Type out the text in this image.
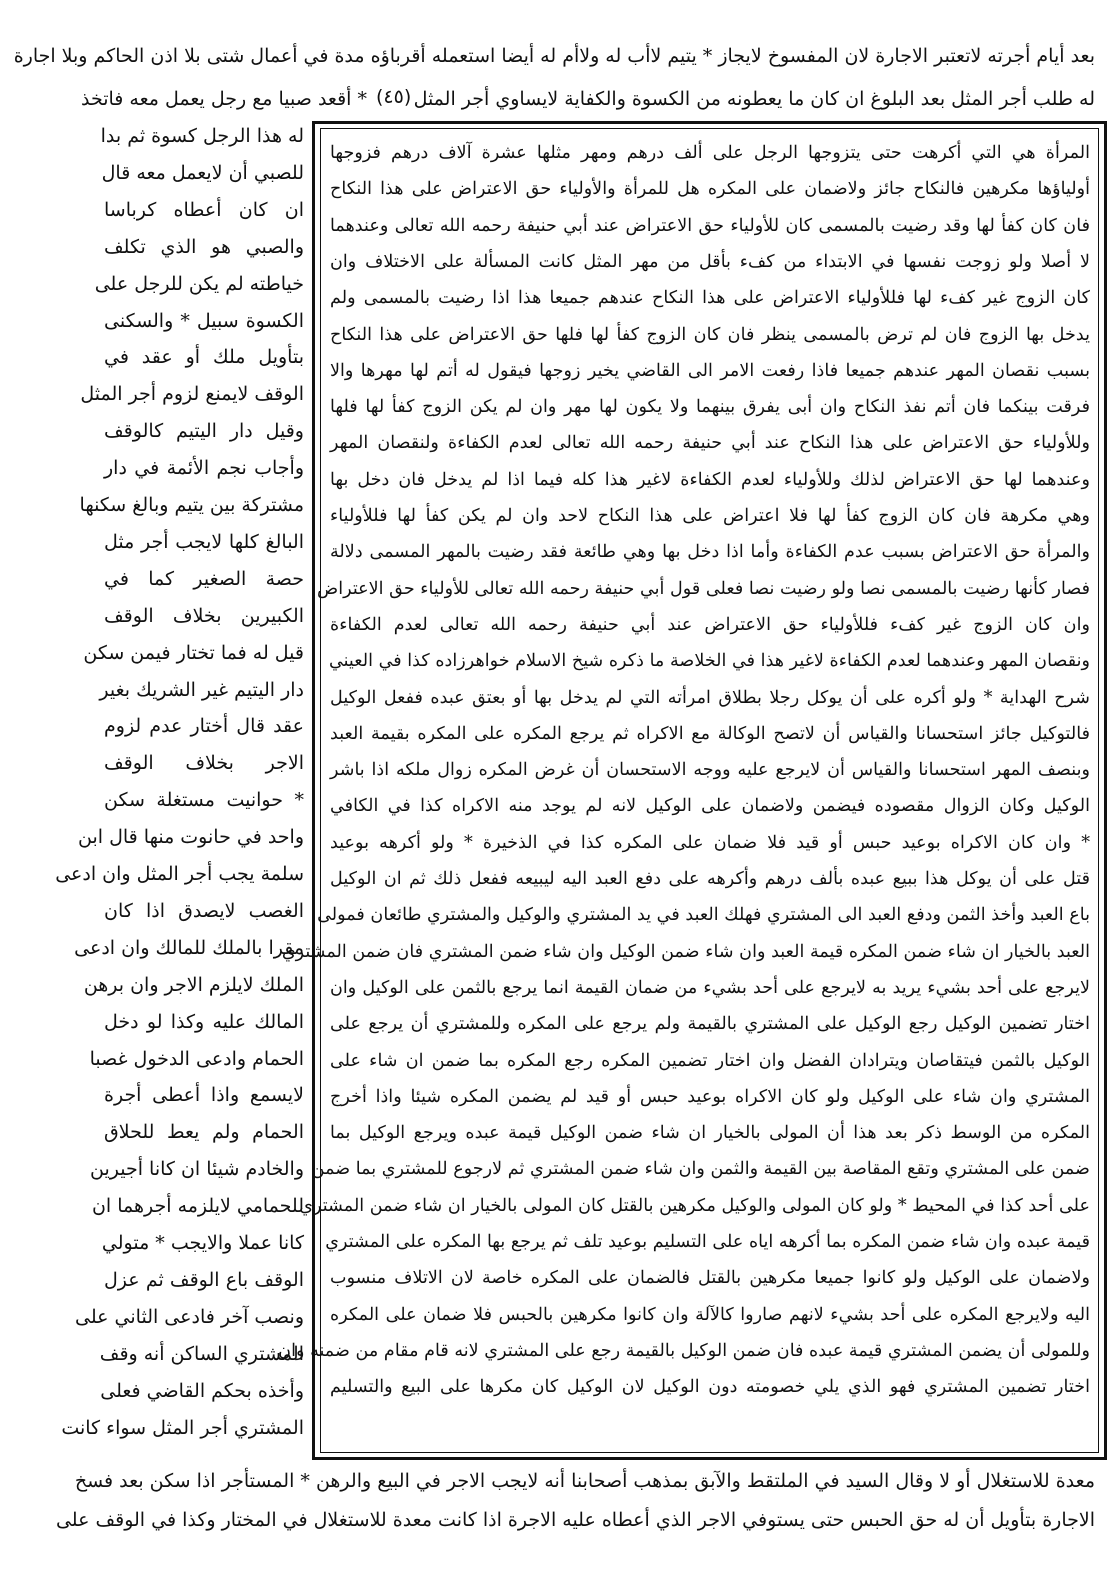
بعد أيام أجرته لاتعتبر الاجارة لان المفسوخ لايجاز * يتيم لاأب له ولاأم له أيضا استعمله أقرباؤه مدة في أعمال شتى بلا اذن الحاكم وبلا اجارة
له طلب أجر المثل بعد البلوغ ان كان ما يعطونه من الكسوة والكفاية لايساوي أجر المثل
(٤٥)
* أقعد صبيا مع رجل يعمل معه فاتخذ
المرأة هي التي أكرهت حتى يتزوجها الرجل على ألف درهم ومهر مثلها عشرة آلاف درهم فزوجها
أولياؤها مكرهين فالنكاح جائز ولاضمان على المكره هل للمرأة والأولياء حق الاعتراض على هذا النكاح
فان كان كفأ لها وقد رضيت بالمسمى كان للأولياء حق الاعتراض عند أبي حنيفة رحمه الله تعالى وعندهما
لا أصلا ولو زوجت نفسها في الابتداء من كفء بأقل من مهر المثل كانت المسألة على الاختلاف وان
كان الزوج غير كفء لها فللأولياء الاعتراض على هذا النكاح عندهم جميعا هذا اذا رضيت بالمسمى ولم
يدخل بها الزوج فان لم ترض بالمسمى ينظر فان كان الزوج كفأ لها فلها حق الاعتراض على هذا النكاح
بسبب نقصان المهر عندهم جميعا فاذا رفعت الامر الى القاضي يخير زوجها فيقول له أتم لها مهرها والا
فرقت بينكما فان أتم نفذ النكاح وان أبى يفرق بينهما ولا يكون لها مهر وان لم يكن الزوج كفأ لها فلها
وللأولياء حق الاعتراض على هذا النكاح عند أبي حنيفة رحمه الله تعالى لعدم الكفاءة ولنقصان المهر
وعندهما لها حق الاعتراض لذلك وللأولياء لعدم الكفاءة لاغير هذا كله فيما اذا لم يدخل فان دخل بها
وهي مكرهة فان كان الزوج كفأ لها فلا اعتراض على هذا النكاح لاحد وان لم يكن كفأ لها فللأولياء
والمرأة حق الاعتراض بسبب عدم الكفاءة وأما اذا دخل بها وهي طائعة فقد رضيت بالمهر المسمى دلالة
فصار كأنها رضيت بالمسمى نصا ولو رضيت نصا فعلى قول أبي حنيفة رحمه الله تعالى للأولياء حق الاعتراض
وان كان الزوج غير كفء فللأولياء حق الاعتراض عند أبي حنيفة رحمه الله تعالى لعدم الكفاءة
ونقصان المهر وعندهما لعدم الكفاءة لاغير هذا في الخلاصة ما ذكره شيخ الاسلام خواهرزاده كذا في العيني
شرح الهداية * ولو أكره على أن يوكل رجلا بطلاق امرأته التي لم يدخل بها أو بعتق عبده ففعل الوكيل
فالتوكيل جائز استحسانا والقياس أن لاتصح الوكالة مع الاكراه ثم يرجع المكره على المكره بقيمة العبد
وبنصف المهر استحسانا والقياس أن لايرجع عليه ووجه الاستحسان أن غرض المكره زوال ملكه اذا باشر
الوكيل وكان الزوال مقصوده فيضمن ولاضمان على الوكيل لانه لم يوجد منه الاكراه كذا في الكافي
* وان كان الاكراه بوعيد حبس أو قيد فلا ضمان على المكره كذا في الذخيرة * ولو أكرهه بوعيد
قتل على أن يوكل هذا ببيع عبده بألف درهم وأكرهه على دفع العبد اليه ليبيعه ففعل ذلك ثم ان الوكيل
باع العبد وأخذ الثمن ودفع العبد الى المشتري فهلك العبد في يد المشتري والوكيل والمشتري طائعان فمولى
العبد بالخيار ان شاء ضمن المكره قيمة العبد وان شاء ضمن الوكيل وان شاء ضمن المشتري فان ضمن المشتري
لايرجع على أحد بشيء يريد به لايرجع على أحد بشيء من ضمان القيمة انما يرجع بالثمن على الوكيل وان
اختار تضمين الوكيل رجع الوكيل على المشتري بالقيمة ولم يرجع على المكره وللمشتري أن يرجع على
الوكيل بالثمن فيتقاصان ويترادان الفضل وان اختار تضمين المكره رجع المكره بما ضمن ان شاء على
المشتري وان شاء على الوكيل ولو كان الاكراه بوعيد حبس أو قيد لم يضمن المكره شيئا واذا أخرج
المكره من الوسط ذكر بعد هذا أن المولى بالخيار ان شاء ضمن الوكيل قيمة عبده ويرجع الوكيل بما
ضمن على المشتري وتقع المقاصة بين القيمة والثمن وان شاء ضمن المشتري ثم لارجوع للمشتري بما ضمن
على أحد كذا في المحيط * ولو كان المولى والوكيل مكرهين بالقتل كان المولى بالخيار ان شاء ضمن المشتري
قيمة عبده وان شاء ضمن المكره بما أكرهه اياه على التسليم بوعيد تلف ثم يرجع بها المكره على المشتري
ولاضمان على الوكيل ولو كانوا جميعا مكرهين بالقتل فالضمان على المكره خاصة لان الاتلاف منسوب
اليه ولايرجع المكره على أحد بشيء لانهم صاروا كالآلة وان كانوا مكرهين بالحبس فلا ضمان على المكره
وللمولى أن يضمن المشتري قيمة عبده فان ضمن الوكيل بالقيمة رجع على المشتري لانه قام مقام من ضمنه وان
اختار تضمين المشتري فهو الذي يلي خصومته دون الوكيل لان الوكيل كان مكرها على البيع والتسليم
له هذا الرجل كسوة ثم بدا
للصبي أن لايعمل معه قال
ان كان أعطاه كرباسا
والصبي هو الذي تكلف
خياطته لم يكن للرجل على
الكسوة سبيل * والسكنى
بتأويل ملك أو عقد في
الوقف لايمنع لزوم أجر المثل
وقيل دار اليتيم كالوقف
وأجاب نجم الأئمة في دار
مشتركة بين يتيم وبالغ سكنها
البالغ كلها لايجب أجر مثل
حصة الصغير كما في
الكبيرين بخلاف الوقف
قيل له فما تختار فيمن سكن
دار اليتيم غير الشريك بغير
عقد قال أختار عدم لزوم
الاجر بخلاف الوقف
* حوانيت مستغلة سكن
واحد في حانوت منها قال ابن
سلمة يجب أجر المثل وان ادعى
الغصب لايصدق اذا كان
مقرا بالملك للمالك وان ادعى
الملك لايلزم الاجر وان برهن
المالك عليه وكذا لو دخل
الحمام وادعى الدخول غصبا
لايسمع واذا أعطى أجرة
الحمام ولم يعط للحلاق
والخادم شيئا ان كانا أجيرين
للحمامي لايلزمه أجرهما ان
كانا عملا والايجب * متولي
الوقف باع الوقف ثم عزل
ونصب آخر فادعى الثاني على
المشتري الساكن أنه وقف
وأخذه بحكم القاضي فعلى
المشتري أجر المثل سواء كانت
معدة للاستغلال أو لا وقال السيد في الملتقط والآبق بمذهب أصحابنا أنه لايجب الاجر في البيع والرهن * المستأجر اذا سكن بعد فسخ
الاجارة بتأويل أن له حق الحبس حتى يستوفي الاجر الذي أعطاه عليه الاجرة اذا كانت معدة للاستغلال في المختار وكذا في الوقف على
